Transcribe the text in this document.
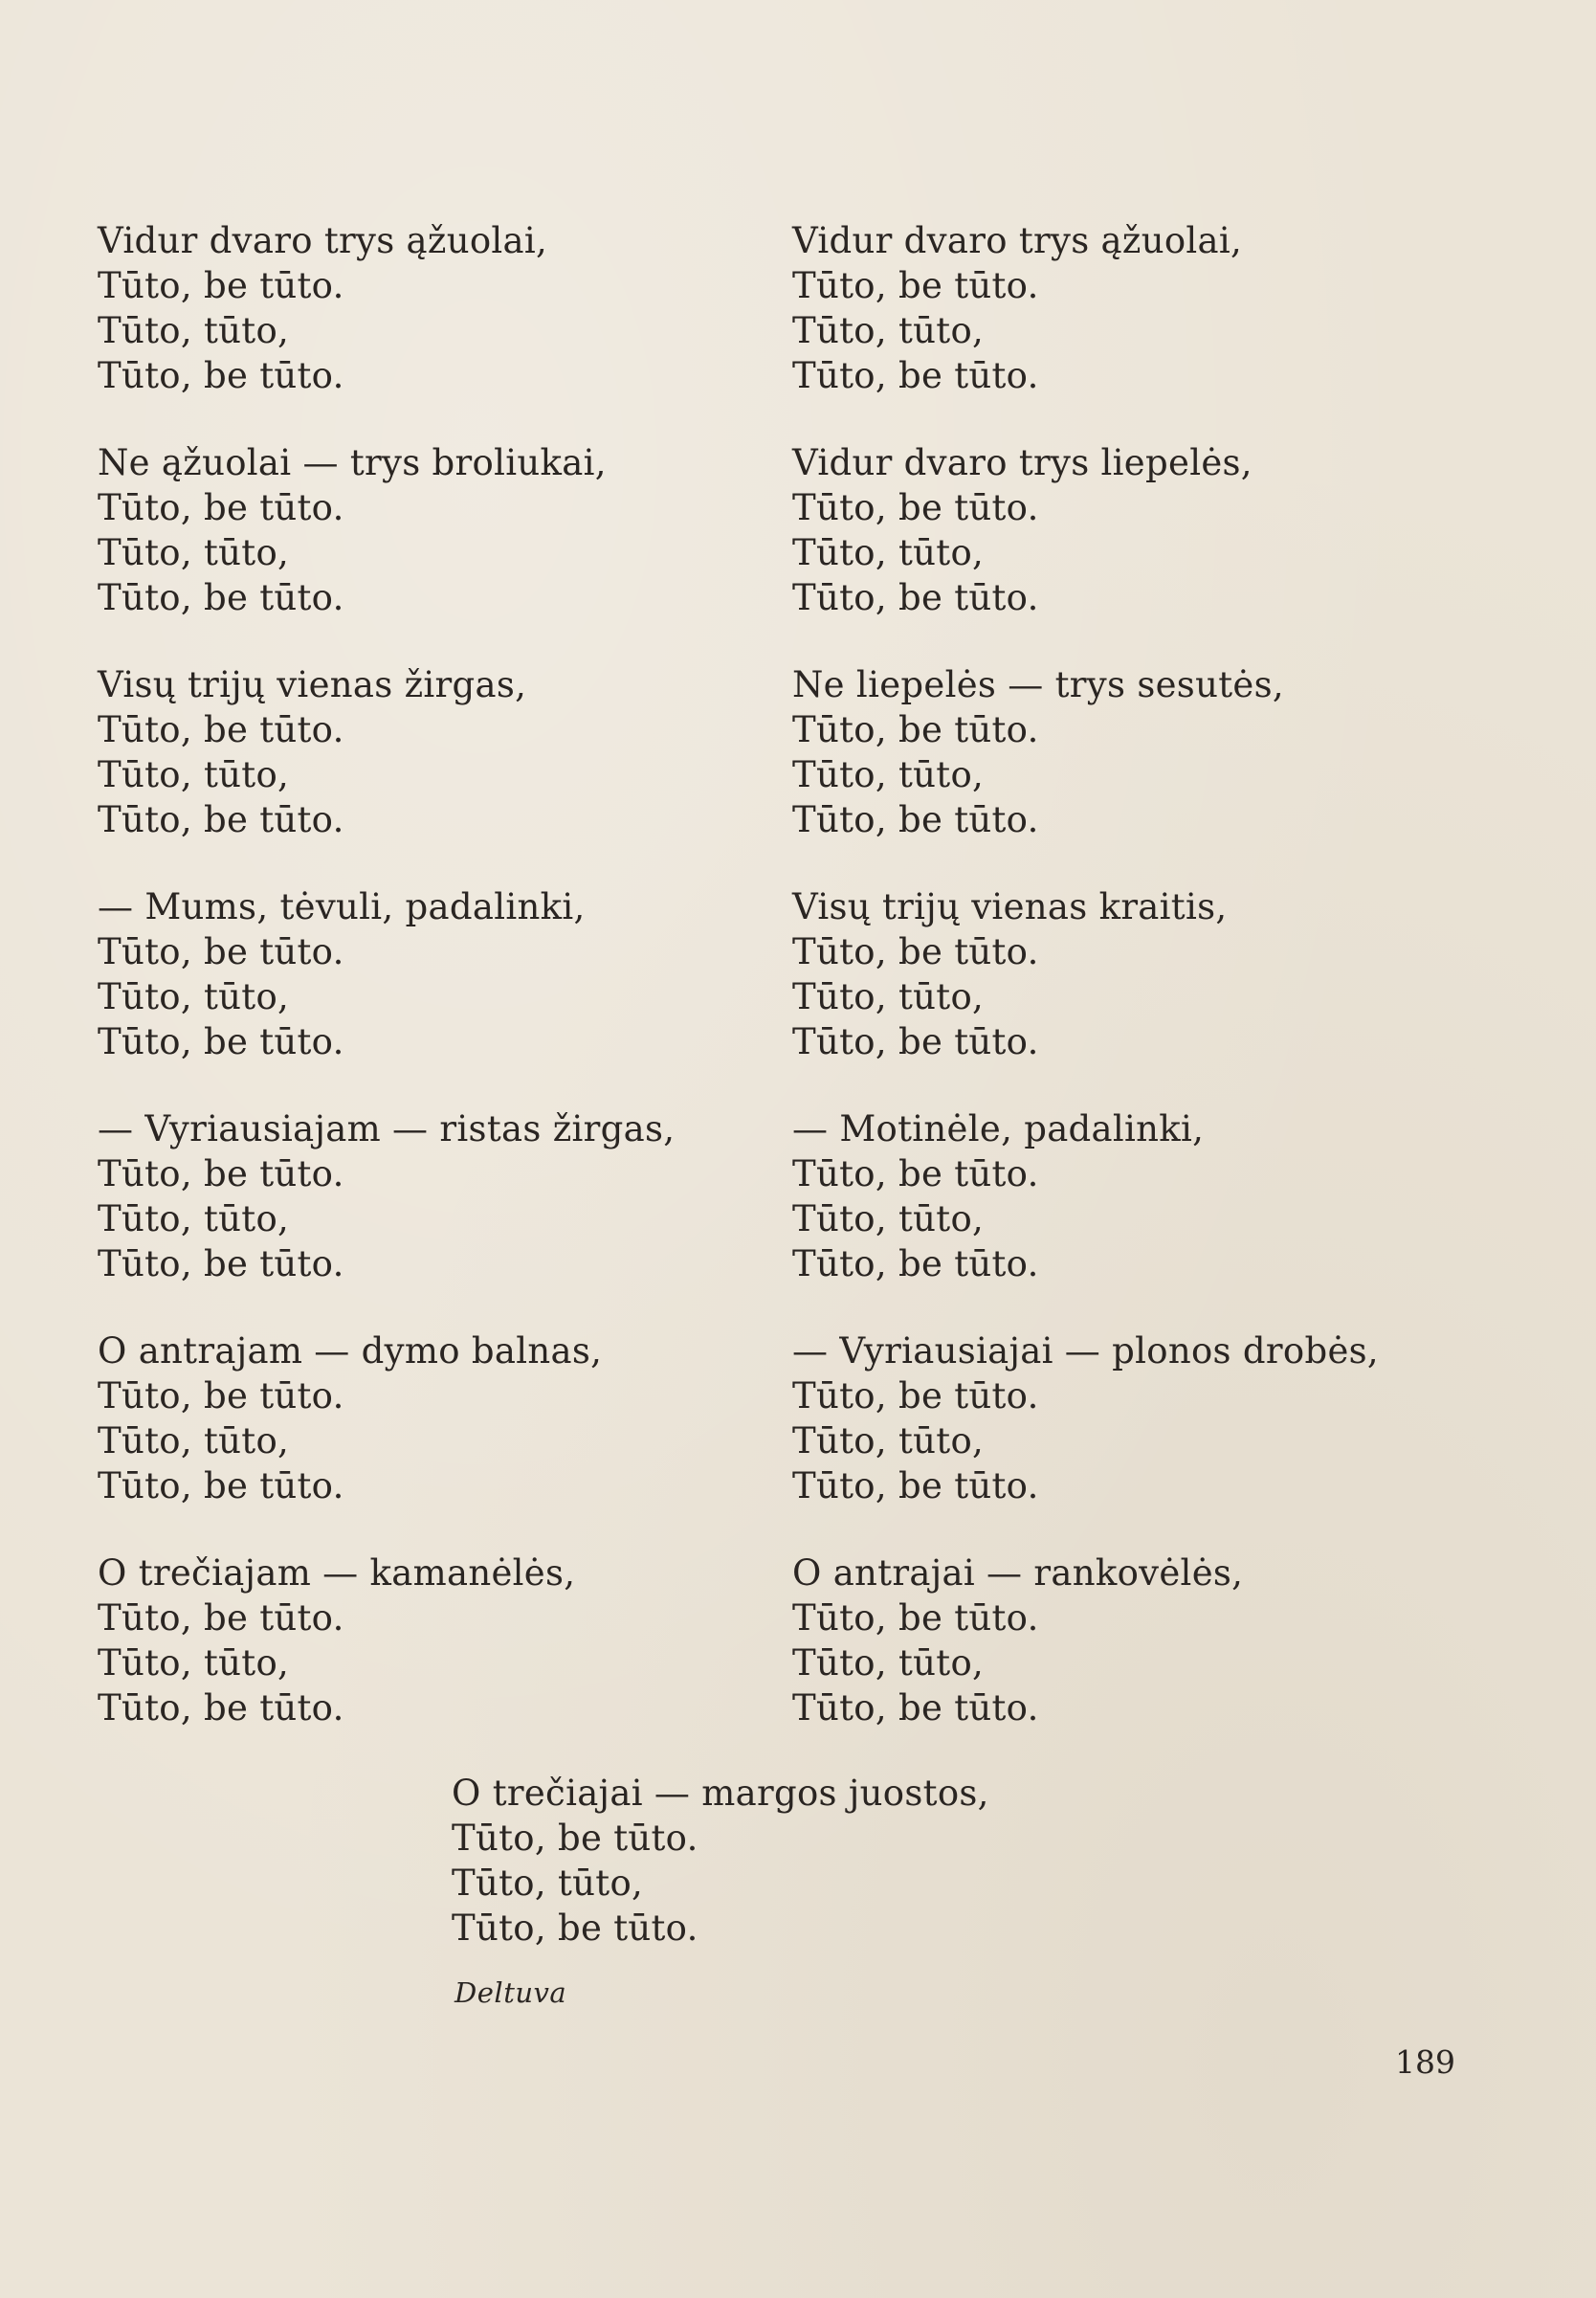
Vidur dvaro trys ąžuolai,
Tūto, be tūto.
Tūto, tūto,
Tūto, be tūto.
Ne ąžuolai — trys broliukai,
Tūto, be tūto.
Tūto, tūto,
Tūto, be tūto.
Visų trijų vienas žirgas,
Tūto, be tūto.
Tūto, tūto,
Tūto, be tūto.
— Mums, tėvuli, padalinki,
Tūto, be tūto.
Tūto, tūto,
Tūto, be tūto.
— Vyriausiajam — ristas žirgas,
Tūto, be tūto.
Tūto, tūto,
Tūto, be tūto.
O antrajam — dymo balnas,
Tūto, be tūto.
Tūto, tūto,
Tūto, be tūto.
O trečiajam — kamanėlės,
Tūto, be tūto.
Tūto, tūto,
Tūto, be tūto.
Vidur dvaro trys ąžuolai,
Tūto, be tūto.
Tūto, tūto,
Tūto, be tūto.
Vidur dvaro trys liepelės,
Tūto, be tūto.
Tūto, tūto,
Tūto, be tūto.
Ne liepelės — trys sesutės,
Tūto, be tūto.
Tūto, tūto,
Tūto, be tūto.
Visų trijų vienas kraitis,
Tūto, be tūto.
Tūto, tūto,
Tūto, be tūto.
— Motinėle, padalinki,
Tūto, be tūto.
Tūto, tūto,
Tūto, be tūto.
— Vyriausiajai — plonos drobės,
Tūto, be tūto.
Tūto, tūto,
Tūto, be tūto.
O antrajai — rankovėlės,
Tūto, be tūto.
Tūto, tūto,
Tūto, be tūto.
O trečiajai — margos juostos,
Tūto, be tūto.
Tūto, tūto,
Tūto, be tūto.
Deltuva
189
